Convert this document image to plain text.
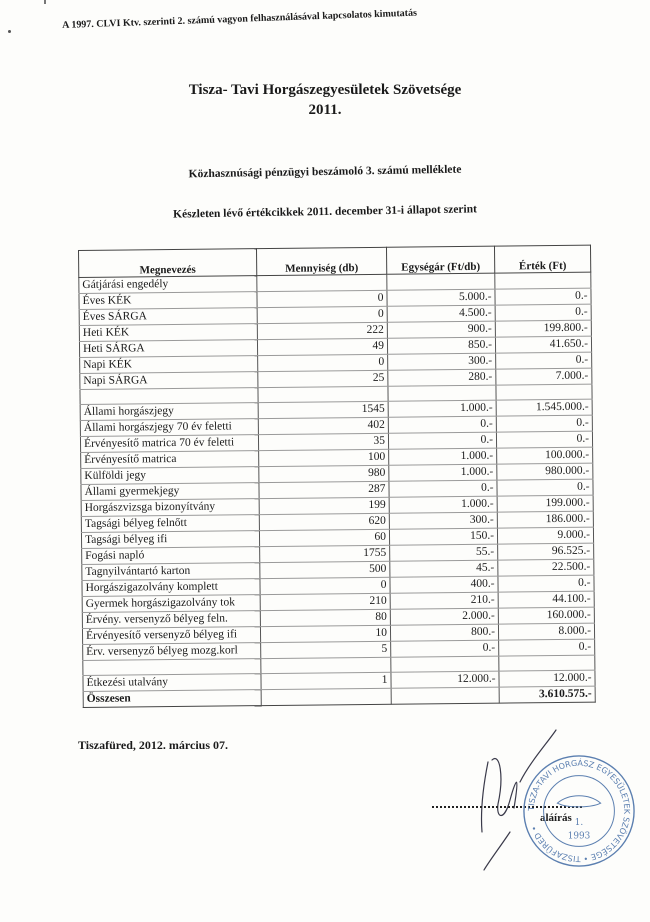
A 1997. CLVI Ktv. szerinti 2. számú vagyon felhasználásával kapcsolatos kimutatás
Tisza- Tavi Horgászegyesületek Szövetsége
2011.
Közhasznúsági pénzügyi beszámoló 3. számú melléklete
Készleten lévő értékcikkek 2011. december 31-i állapot szerint
Megnevezés	Mennyiség (db)	Egységár (Ft/db)	Érték (Ft)
Gátjárási engedély			
Éves KÉK	0	5.000.-	0.-
Éves SÁRGA	0	4.500.-	0.-
Heti KÉK	222	900.-	199.800.-
Heti SÁRGA	49	850.-	41.650.-
Napi KÉK	0	300.-	0.-
Napi SÁRGA	25	280.-	7.000.-

Állami horgászjegy	1545	1.000.-	1.545.000.-
Állami horgászjegy 70 év feletti	402	0.-	0.-
Érvényesítő matrica 70 év feletti	35	0.-	0.-
Érvényesítő matrica	100	1.000.-	100.000.-
Külföldi jegy	980	1.000.-	980.000.-
Állami gyermekjegy	287	0.-	0.-
Horgászvizsga bizonyítvány	199	1.000.-	199.000.-
Tagsági bélyeg felnőtt	620	300.-	186.000.-
Tagsági bélyeg ifi	60	150.-	9.000.-
Fogási napló	1755	55.-	96.525.-
Tagnyilvántartó karton	500	45.-	22.500.-
Horgászigazolvány komplett	0	400.-	0.-
Gyermek horgászigazolvány tok	210	210.-	44.100.-
Érvény. versenyző bélyeg feln.	80	2.000.-	160.000.-
Érvényesítő versenyző bélyeg ifi	10	800.-	8.000.-
Érv. versenyző bélyeg mozg.korl	5	0.-	0.-

Étkezési utalvány	1	12.000.-	12.000.-
Összesen			3.610.575.-
Tiszafüred, 2012. március 07.
aláírás
TISZA-TAVI HORGÁSZ EGYESÜLETEK SZÖVETSÉGE • TISZAFÜRED •
1.
1993
